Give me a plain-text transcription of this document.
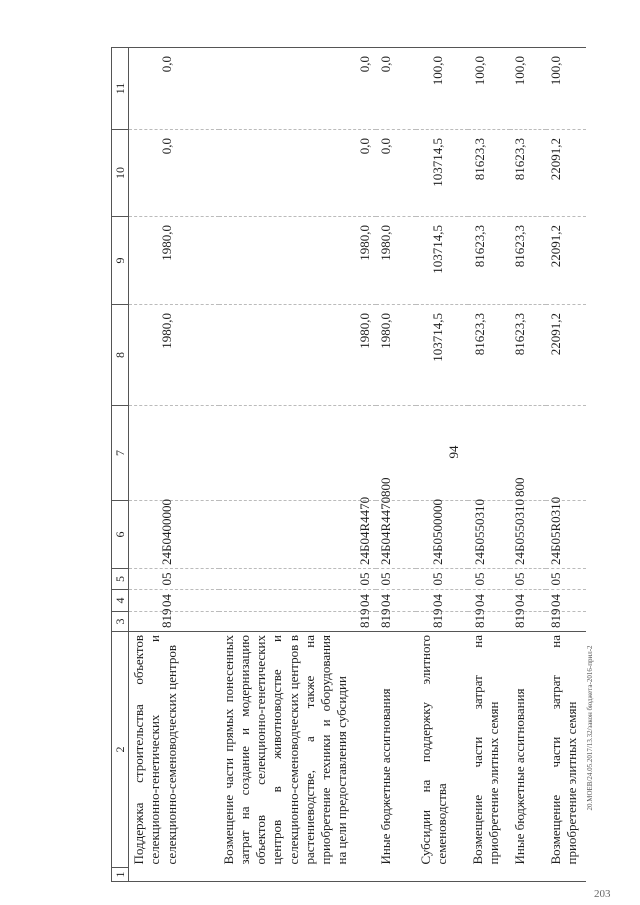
94
1	2	3	4	5	6	7	8	9	10	11
	Поддержка строительства объектов селекционно-генетических и селекционно-семеноводческих центров	819	04	05	24Б0400000		1980,0	1980,0	0,0	0,0
	Возмещение части прямых понесенных затрат на создание и модернизацию объектов селекционно-генетических центров в животноводстве и селекционно-семеноводческих центров в растениеводстве, а также на приобретение техники и оборудования на цели предоставления субсидии	819	04	05	24Б04R4470		1980,0	1980,0	0,0	0,0
	Иные бюджетные ассигнования	819	04	05	24Б04R4470	800	1980,0	1980,0	0,0	0,0
	Субсидии на поддержку элитного семеноводства	819	04	05	24Б0500000		103714,5	103714,5	103714,5	100,0
	Возмещение части затрат на приобретение элитных семян	819	04	05	24Б0550310		81623,3	81623,3	81623,3	100,0
	Иные бюджетные ассигнования	819	04	05	24Б0550310	800	81623,3	81623,3	81623,3	100,0
	Возмещение части затрат на приобретение элитных семян	819	04	05	24Б05R0310		22091,2	22091,2	22091,2	100,0
20.МОЕВ/24.05.2017/13.32/закон бюджета-2016-прил-2
203
